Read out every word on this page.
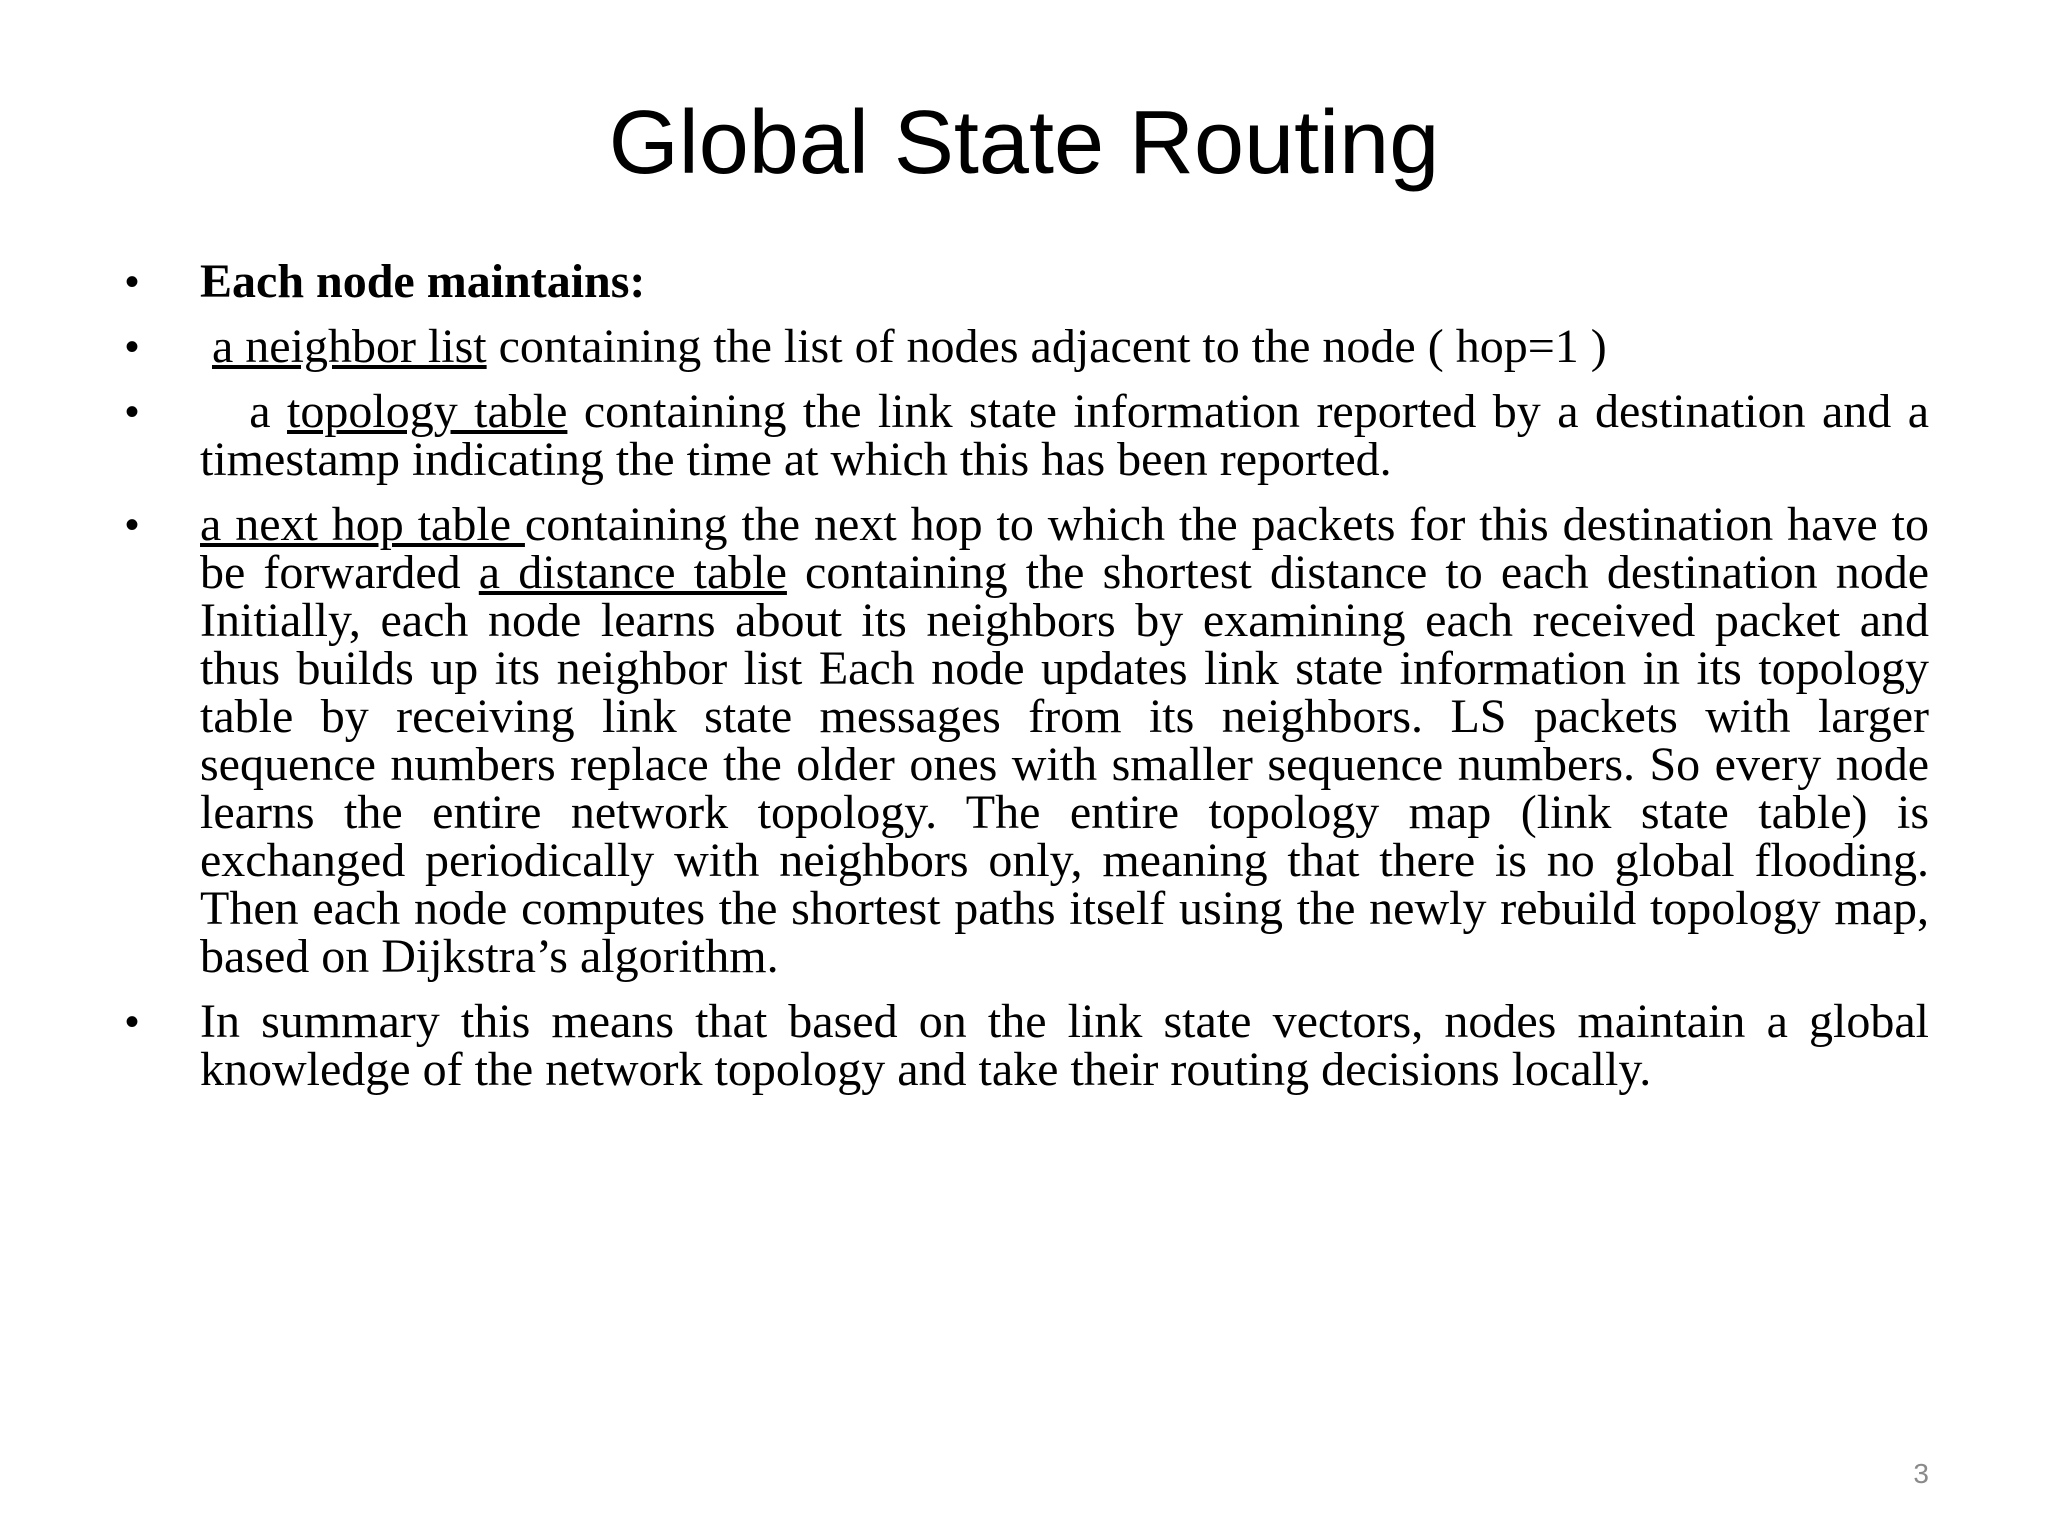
Global State Routing
• Each node maintains:
• a neighbor list containing the list of nodes adjacent to the node ( hop=1 )
• a topology table containing the link state information reported by a destination and a timestamp indicating the time at which this has been reported.
• a next hop table containing the next hop to which the packets for this destination have to be forwarded a distance table containing the shortest distance to each destination node Initially, each node learns about its neighbors by examining each received packet and thus builds up its neighbor list Each node updates link state information in its topology table by receiving link state messages from its neighbors. LS packets with larger sequence numbers replace the older ones with smaller sequence numbers. So every node learns the entire network topology. The entire topology map (link state table) is exchanged periodically with neighbors only, meaning that there is no global flooding. Then each node computes the shortest paths itself using the newly rebuild topology map, based on Dijkstra’s algorithm.
• In summary this means that based on the link state vectors, nodes maintain a global knowledge of the network topology and take their routing decisions locally.
3
